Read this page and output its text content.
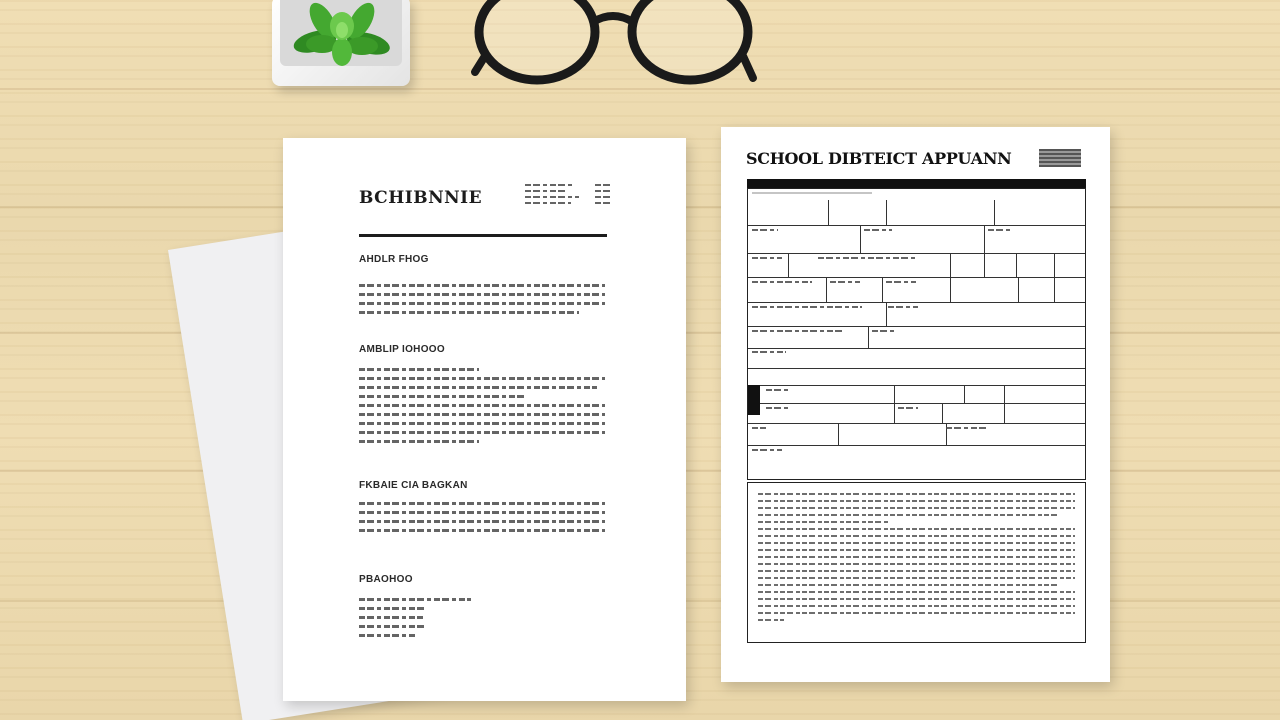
BCHIBNNIE
AHDLR FHOG
AMBLIP IOHOOO
FKBAIE CIA BAGKAN
PBAOHOO
SCHOOL DIBTEICT APPUANN
